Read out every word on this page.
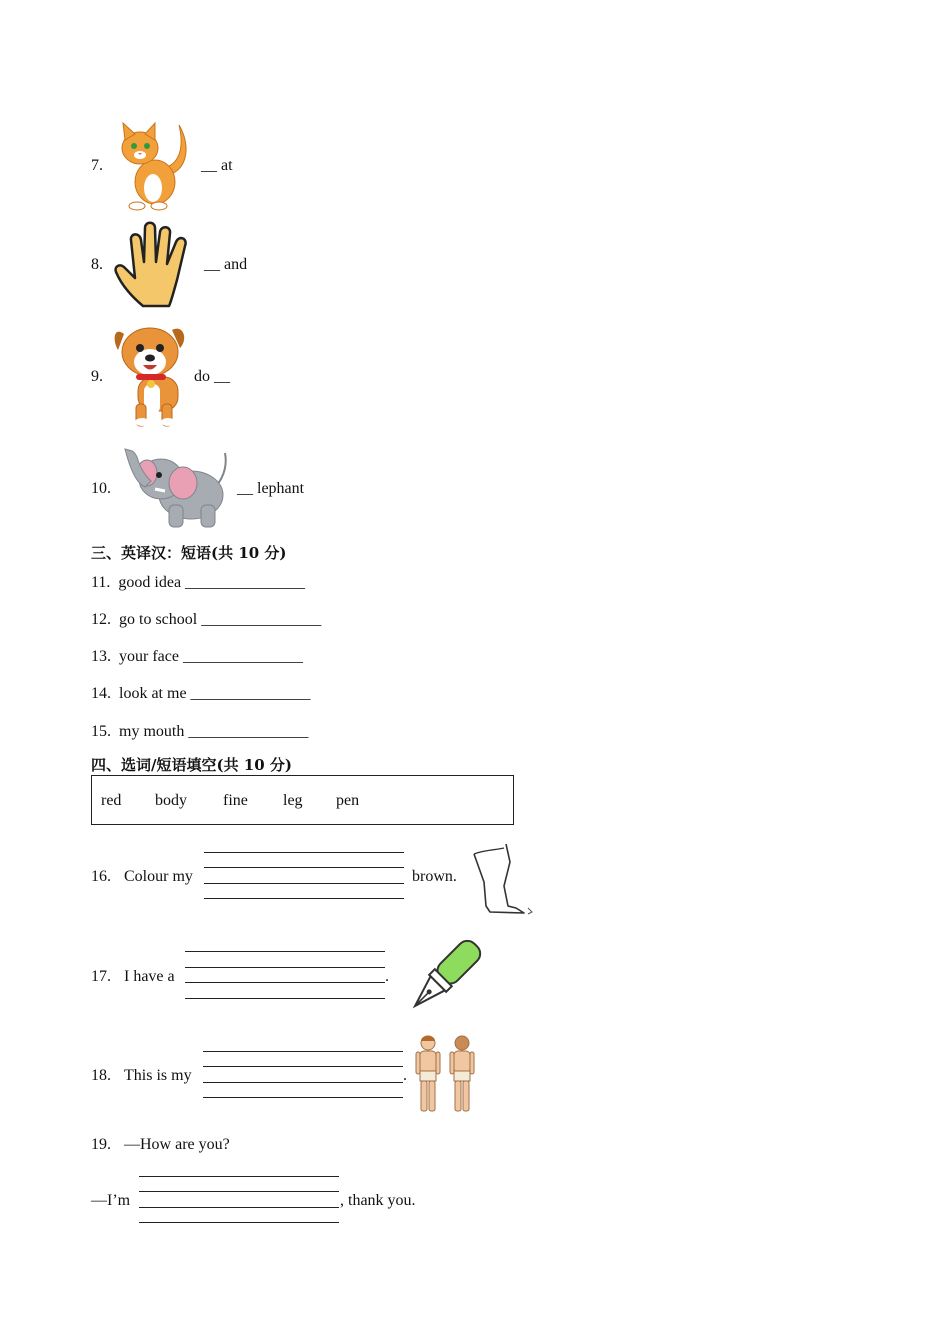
7.	__ at
8.	__ and
9.	do __
10.	__ lephant
三、英译汉：短语(共 10 分)
11. good idea _______________
12. go to school _______________
13. your face _______________
14. look at me _______________
15. my mouth _______________
四、选词/短语填空(共 10 分)
red body fine leg pen
16. Colour my	brown.
17. I have a	.
18. This is my	.
19. —How are you?
—I’m	, thank you.
